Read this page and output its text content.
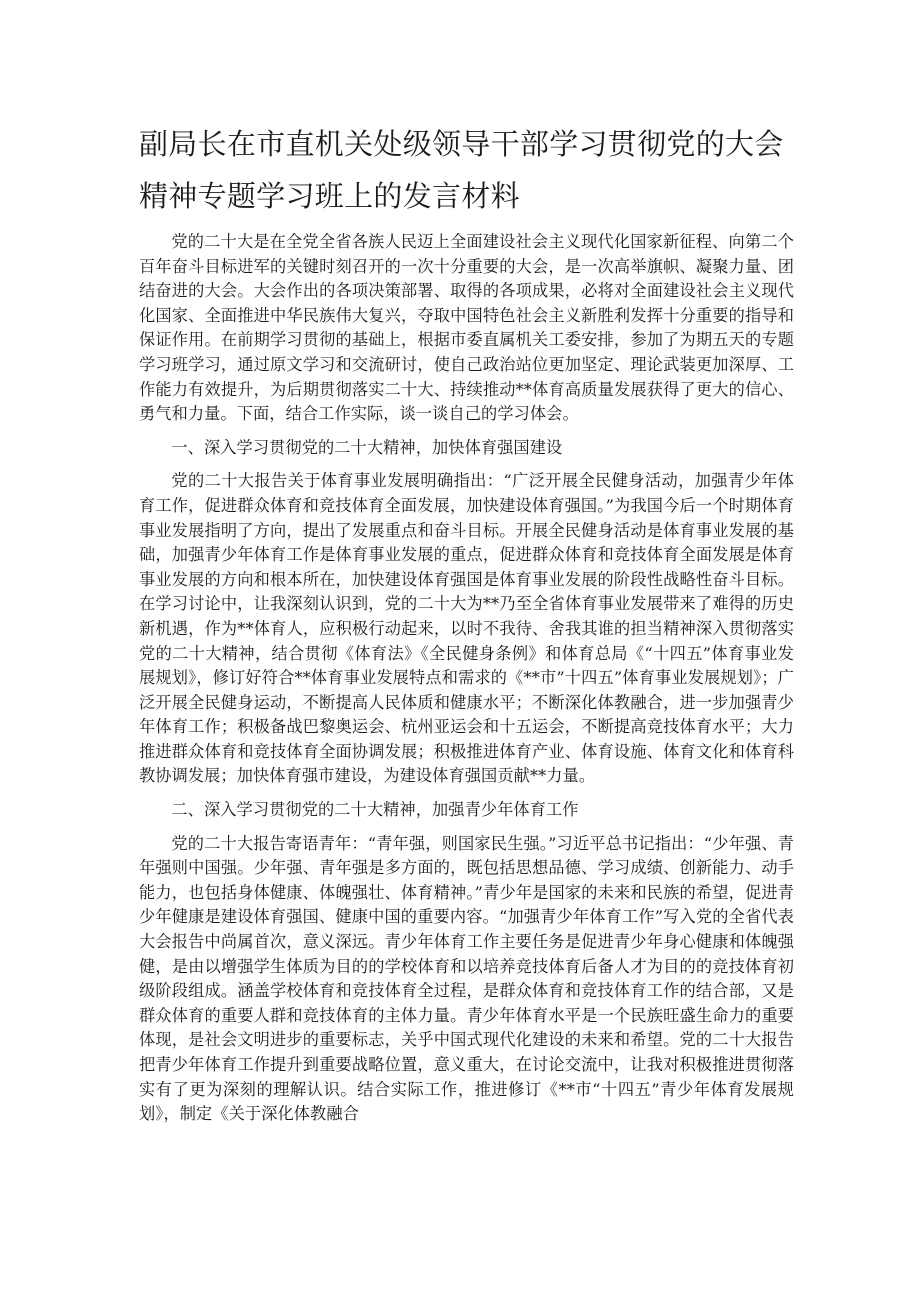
副局长在市直机关处级领导干部学习贯彻党的大会
精神专题学习班上的发言材料

党的二十大是在全党全省各族人民迈上全面建设社会主义现代化国家新征程、向第二个百年奋斗目标进军的关键时刻召开的一次十分重要的大会，是一次高举旗帜、凝聚力量、团结奋进的大会。大会作出的各项决策部署、取得的各项成果，必将对全面建设社会主义现代化国家、全面推进中华民族伟大复兴，夺取中国特色社会主义新胜利发挥十分重要的指导和保证作用。在前期学习贯彻的基础上，根据市委直属机关工委安排，参加了为期五天的专题学习班学习，通过原文学习和交流研讨，使自己政治站位更加坚定、理论武装更加深厚、工作能力有效提升，为后期贯彻落实二十大、持续推动**体育高质量发展获得了更大的信心、勇气和力量。下面，结合工作实际，谈一谈自己的学习体会。

一、深入学习贯彻党的二十大精神，加快体育强国建设

党的二十大报告关于体育事业发展明确指出：“广泛开展全民健身活动，加强青少年体育工作，促进群众体育和竞技体育全面发展，加快建设体育强国。”为我国今后一个时期体育事业发展指明了方向，提出了发展重点和奋斗目标。开展全民健身活动是体育事业发展的基础，加强青少年体育工作是体育事业发展的重点，促进群众体育和竞技体育全面发展是体育事业发展的方向和根本所在，加快建设体育强国是体育事业发展的阶段性战略性奋斗目标。在学习讨论中，让我深刻认识到，党的二十大为**乃至全省体育事业发展带来了难得的历史新机遇，作为**体育人，应积极行动起来，以时不我待、舍我其谁的担当精神深入贯彻落实党的二十大精神，结合贯彻《体育法》《全民健身条例》和体育总局《“十四五”体育事业发展规划》，修订好符合**体育事业发展特点和需求的《**市”十四五”体育事业发展规划》；广泛开展全民健身运动，不断提高人民体质和健康水平；不断深化体教融合，进一步加强青少年体育工作；积极备战巴黎奥运会、杭州亚运会和十五运会，不断提高竞技体育水平；大力推进群众体育和竞技体育全面协调发展；积极推进体育产业、体育设施、体育文化和体育科教协调发展；加快体育强市建设，为建设体育强国贡献**力量。

二、深入学习贯彻党的二十大精神，加强青少年体育工作

党的二十大报告寄语青年：“青年强，则国家民生强。”习近平总书记指出：“少年强、青年强则中国强。少年强、青年强是多方面的，既包括思想品德、学习成绩、创新能力、动手能力，也包括身体健康、体魄强壮、体育精神。”青少年是国家的未来和民族的希望，促进青少年健康是建设体育强国、健康中国的重要内容。“加强青少年体育工作”写入党的全省代表大会报告中尚属首次，意义深远。青少年体育工作主要任务是促进青少年身心健康和体魄强健，是由以增强学生体质为目的的学校体育和以培养竞技体育后备人才为目的的竞技体育初级阶段组成。涵盖学校体育和竞技体育全过程，是群众体育和竞技体育工作的结合部，又是群众体育的重要人群和竞技体育的主体力量。青少年体育水平是一个民族旺盛生命力的重要体现，是社会文明进步的重要标志，关乎中国式现代化建设的未来和希望。党的二十大报告把青少年体育工作提升到重要战略位置，意义重大，在讨论交流中，让我对积极推进贯彻落实有了更为深刻的理解认识。结合实际工作，推进修订《**市“十四五”青少年体育发展规划》，制定《关于深化体教融合
